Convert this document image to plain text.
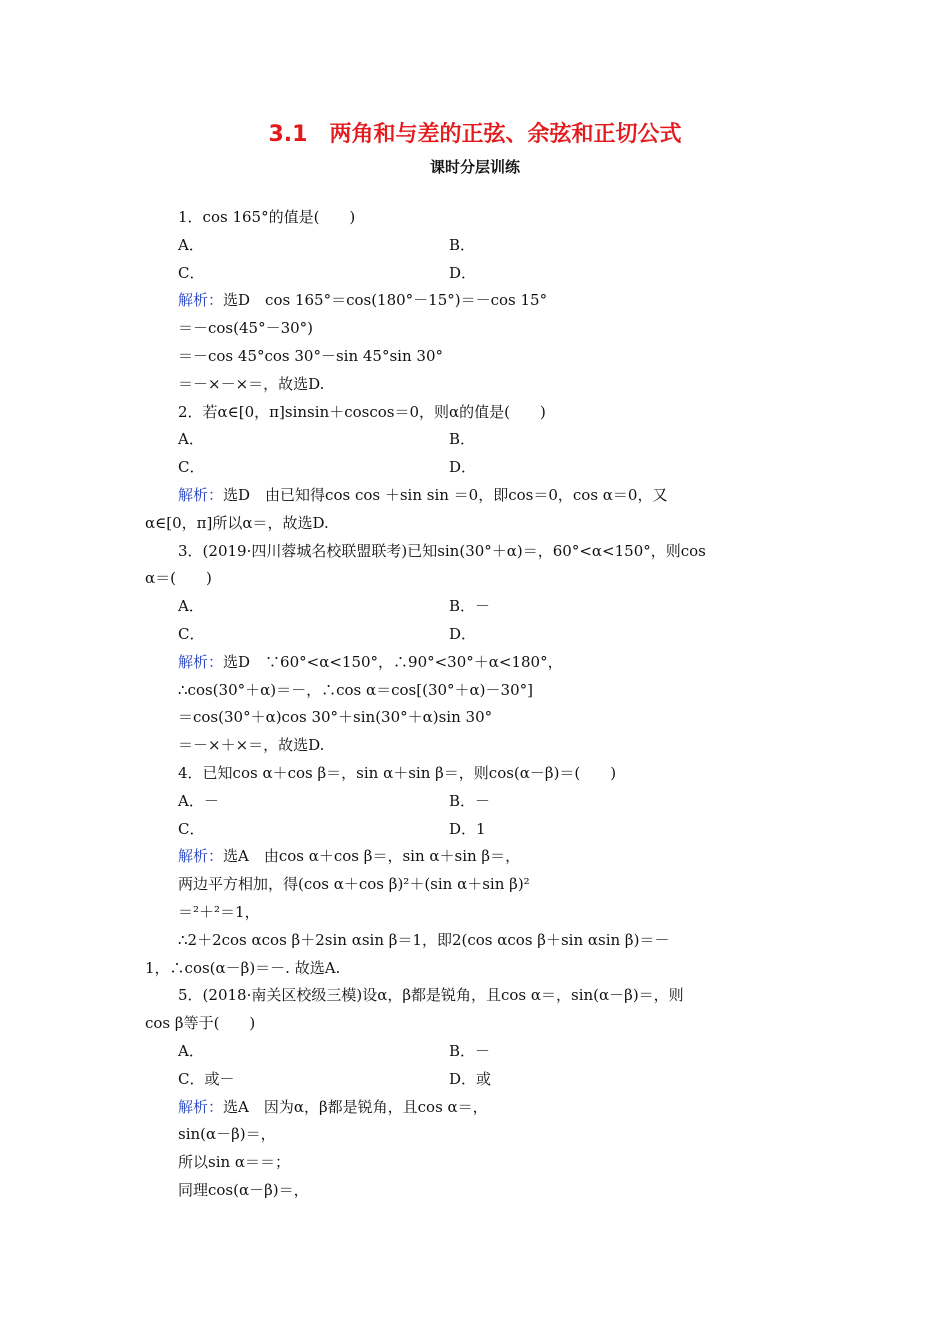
3.1　两角和与差的正弦、余弦和正切公式
课时分层训练
1．cos 165°的值是(　　)
A．	B．
C．	D．
解析：选D　cos 165°＝cos(180°－15°)＝－cos 15°
＝－cos(45°－30°)
＝－cos 45°cos 30°－sin 45°sin 30°
＝－×－×＝，故选D.
2．若α∈[0，π]sinsin＋coscos＝0，则α的值是(　　)
A．	B．
C．	D．
解析：选D　由已知得cos cos ＋sin sin ＝0，即cos＝0，cos α＝0，又
α∈[0，π]所以α＝，故选D.
3．(2019·四川蓉城名校联盟联考)已知sin(30°＋α)＝，60°<α<150°，则cos
α＝(　　)
A．	B．－
C．	D．
解析：选D　∵60°<α<150°，∴90°<30°＋α<180°，
∴cos(30°＋α)＝－，∴cos α＝cos[(30°＋α)－30°]
＝cos(30°＋α)cos 30°＋sin(30°＋α)sin 30°
＝－×＋×＝，故选D.
4．已知cos α＋cos β＝，sin α＋sin β＝，则cos(α－β)＝(　　)
A．－	B．－
C．	D．1
解析：选A　由cos α＋cos β＝，sin α＋sin β＝，
两边平方相加，得(cos α＋cos β)²＋(sin α＋sin β)²
＝²＋²＝1，
∴2＋2cos αcos β＋2sin αsin β＝1，即2(cos αcos β＋sin αsin β)＝－
1，∴cos(α－β)＝－. 故选A.
5．(2018·南关区校级三模)设α，β都是锐角，且cos α＝，sin(α－β)＝，则
cos β等于(　　)
A．	B．－
C．或－	D．或
解析：选A　因为α，β都是锐角，且cos α＝，
sin(α－β)＝，
所以sin α＝＝；
同理cos(α－β)＝，
